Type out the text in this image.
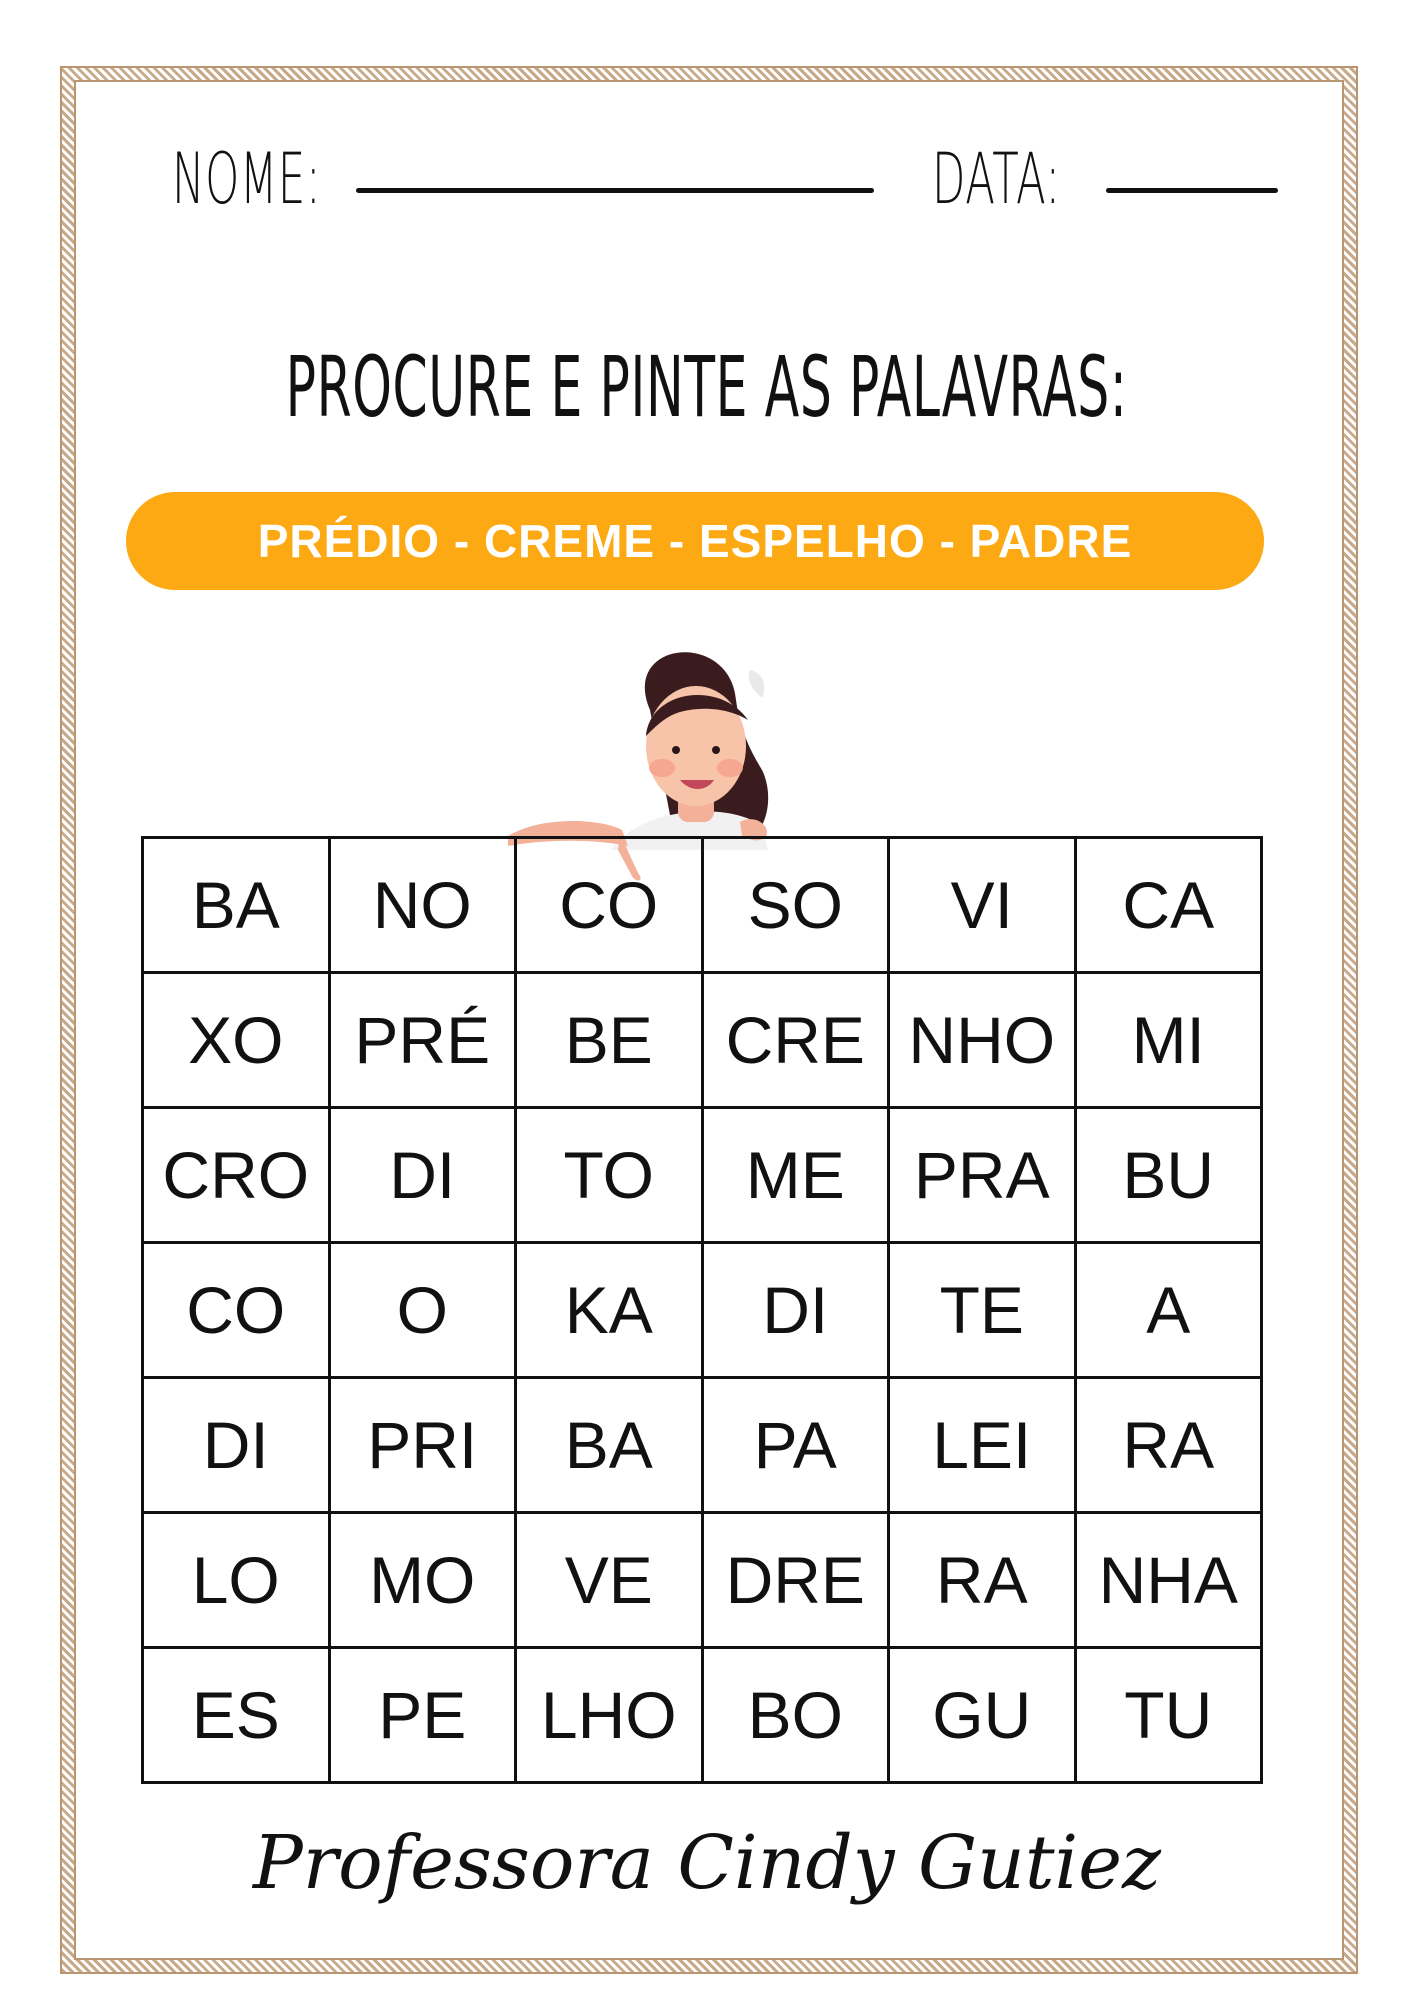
NOME:	DATA:
PROCURE E PINTE AS PALAVRAS:
PRÉDIO - CREME - ESPELHO - PADRE
BA	NO	CO	SO	VI	CA
XO	PRÉ	BE	CRE	NHO	MI
CRO	DI	TO	ME	PRA	BU
CO	O	KA	DI	TE	A
DI	PRI	BA	PA	LEI	RA
LO	MO	VE	DRE	RA	NHA
ES	PE	LHO	BO	GU	TU
Professora Cindy Gutiez
